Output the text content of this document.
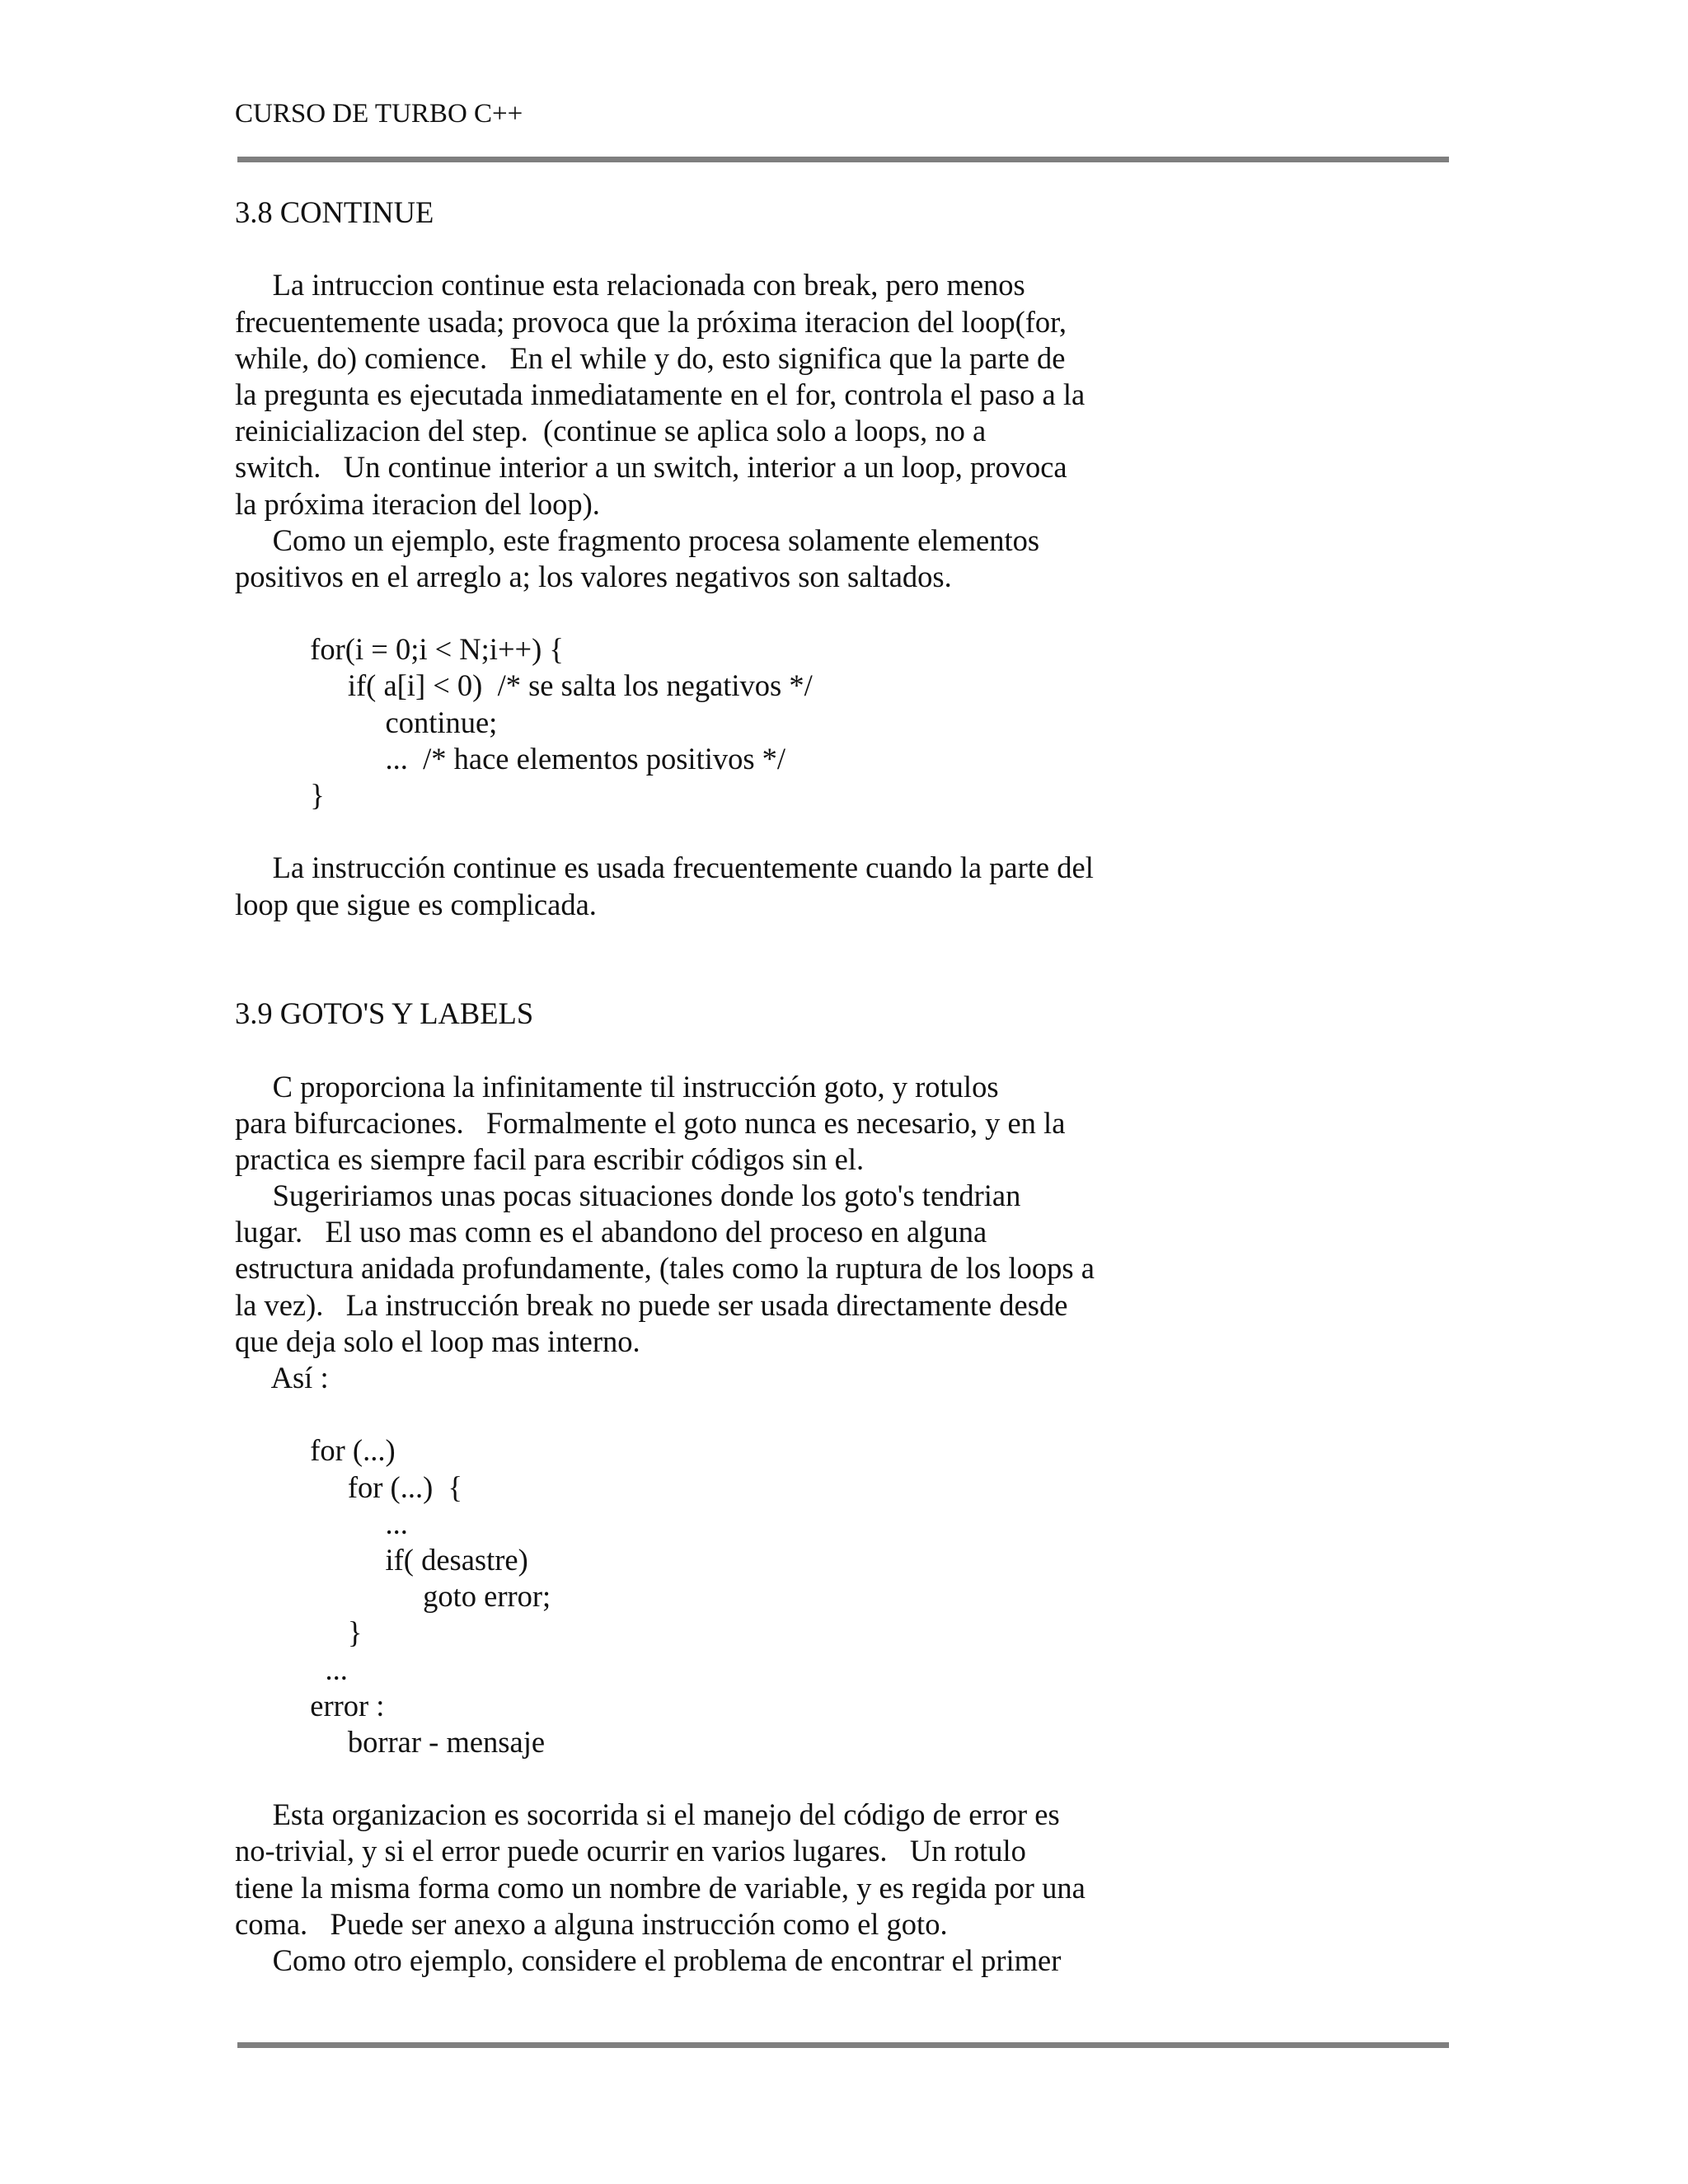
CURSO DE TURBO C++
3.8 CONTINUE
La intruccion continue esta relacionada con break, pero menos
frecuentemente usada; provoca que la próxima iteracion del loop(for,
while, do) comience.   En el while y do, esto significa que la parte de
la pregunta es ejecutada inmediatamente en el for, controla el paso a la
reinicializacion del step.  (continue se aplica solo a loops, no a
switch.   Un continue interior a un switch, interior a un loop, provoca
la próxima iteracion del loop).
Como un ejemplo, este fragmento procesa solamente elementos
positivos en el arreglo a; los valores negativos son saltados.
for(i = 0;i < N;i++) {
if( a[i] < 0)  /* se salta los negativos */
continue;
...  /* hace elementos positivos */
}
La instrucción continue es usada frecuentemente cuando la parte del
loop que sigue es complicada.
3.9 GOTO'S Y LABELS
C proporciona la infinitamente til instrucción goto, y rotulos
para bifurcaciones.   Formalmente el goto nunca es necesario, y en la
practica es siempre facil para escribir códigos sin el.
Sugeririamos unas pocas situaciones donde los goto's tendrian
lugar.   El uso mas comn es el abandono del proceso en alguna
estructura anidada profundamente, (tales como la ruptura de los loops a
la vez).   La instrucción break no puede ser usada directamente desde
que deja solo el loop mas interno.
Así :
for (...)
for (...)  {
...
if( desastre)
goto error;
}
...
error :
borrar - mensaje
Esta organizacion es socorrida si el manejo del código de error es
no-trivial, y si el error puede ocurrir en varios lugares.   Un rotulo
tiene la misma forma como un nombre de variable, y es regida por una
coma.   Puede ser anexo a alguna instrucción como el goto.
Como otro ejemplo, considere el problema de encontrar el primer
